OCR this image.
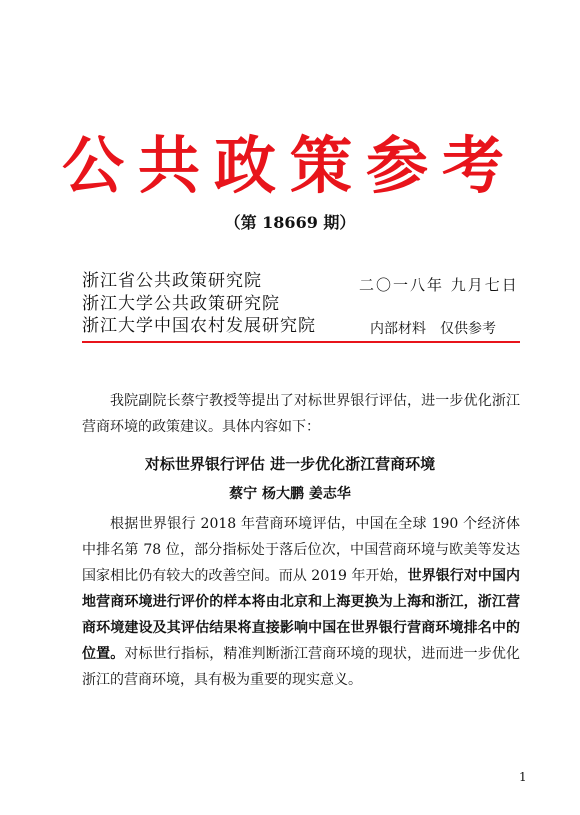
公共政策参考
（第 18669 期）
浙江省公共政策研究院
浙江大学公共政策研究院
浙江大学中国农村发展研究院
二〇一八年 九月七日
内部材料　仅供参考
我院副院长蔡宁教授等提出了对标世界银行评估，进一步优化浙江营商环境的政策建议。具体内容如下：
对标世界银行评估 进一步优化浙江营商环境
蔡宁 杨大鹏 姜志华
根据世界银行 2018 年营商环境评估，中国在全球 190 个经济体中排名第 78 位，部分指标处于落后位次，中国营商环境与欧美等发达国家相比仍有较大的改善空间。而从 2019 年开始，世界银行对中国内地营商环境进行评价的样本将由北京和上海更换为上海和浙江，浙江营商环境建设及其评估结果将直接影响中国在世界银行营商环境排名中的位置。对标世行指标，精准判断浙江营商环境的现状，进而进一步优化浙江的营商环境，具有极为重要的现实意义。
1
